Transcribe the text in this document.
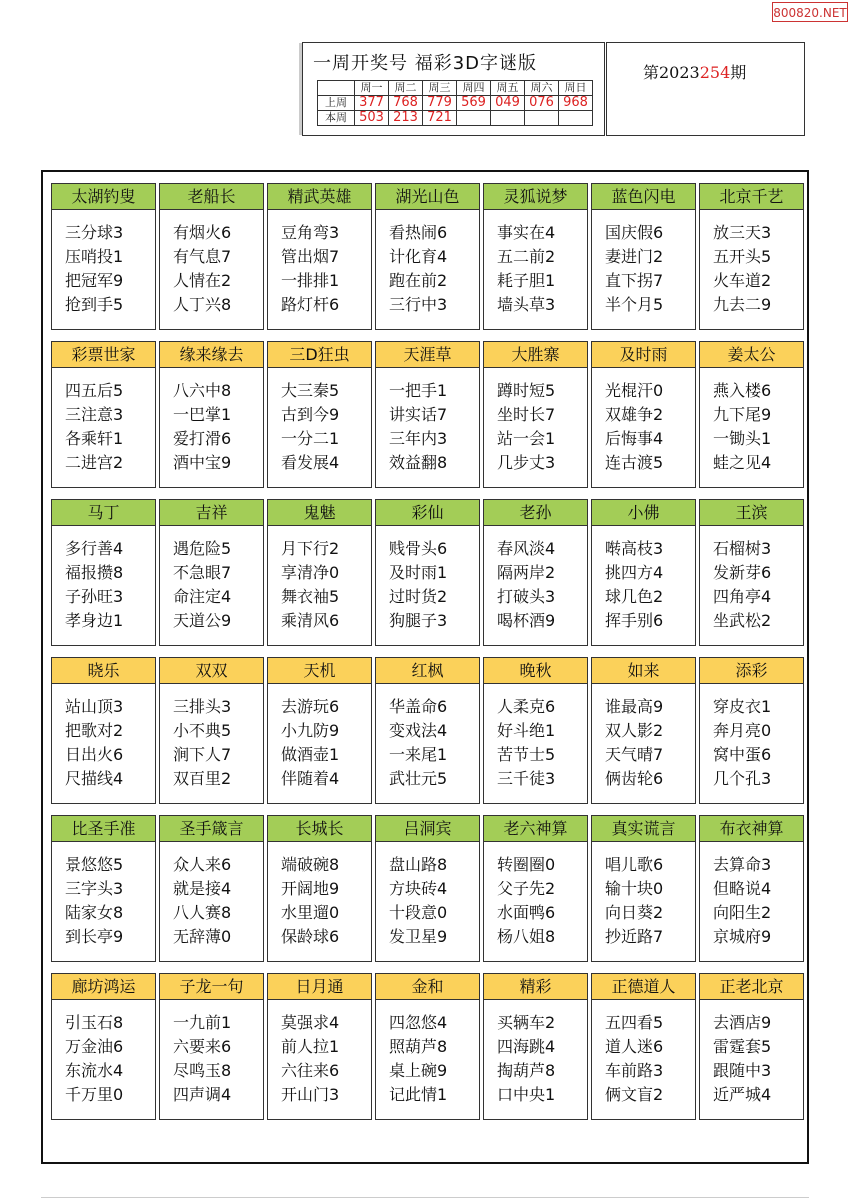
800820.NET
一周开奖号 福彩3D字谜版
	周一	周二	周三	周四	周五	周六	周日
上周	377	768	779	569	049	076	968
本周	503	213	721				
第2023254期
太湖钓叟
三分球3
压哨投1
把冠军9
抢到手5
老船长
有烟火6
有气息7
人情在2
人丁兴8
精武英雄
豆角弯3
管出烟7
一排排1
路灯杆6
湖光山色
看热闹6
计化育4
跑在前2
三行中3
灵狐说梦
事实在4
五二前2
耗子胆1
墙头草3
蓝色闪电
国庆假6
妻进门2
直下拐7
半个月5
北京千艺
放三天3
五开头5
火车道2
九去二9
彩票世家
四五后5
三注意3
各乘轩1
二进宫2
缘来缘去
八六中8
一巴掌1
爱打滑6
酒中宝9
三D狂虫
大三秦5
古到今9
一分二1
看发展4
天涯草
一把手1
讲实话7
三年内3
效益翻8
大胜寨
蹲时短5
坐时长7
站一会1
几步丈3
及时雨
光棍汗0
双雄争2
后悔事4
连古渡5
姜太公
燕入楼6
九下尾9
一锄头1
蛙之见4
马丁
多行善4
福报攒8
子孙旺3
孝身边1
吉祥
遇危险5
不急眼7
命注定4
天道公9
鬼魅
月下行2
享清净0
舞衣袖5
乘清风6
彩仙
贱骨头6
及时雨1
过时货2
狗腿子3
老孙
春风淡4
隔两岸2
打破头3
喝杯酒9
小佛
啭高枝3
挑四方4
球几色2
挥手别6
王滨
石榴树3
发新芽6
四角亭4
坐武松2
晓乐
站山顶3
把歌对2
日出火6
尺描线4
双双
三排头3
小不典5
涧下人7
双百里2
天机
去游玩6
小九防9
做酒壶1
伴随着4
红枫
华盖命6
变戏法4
一来尾1
武壮元5
晚秋
人柔克6
好斗绝1
苦节士5
三千徒3
如来
谁最高9
双人影2
天气晴7
俩齿轮6
添彩
穿皮衣1
奔月亮0
窝中蛋6
几个孔3
比圣手准
景悠悠5
三字头3
陆家女8
到长亭9
圣手箴言
众人来6
就是接4
八人赛8
无辞薄0
长城长
端破碗8
开阔地9
水里遛0
保龄球6
吕洞宾
盘山路8
方块砖4
十段意0
发卫星9
老六神算
转圈圈0
父子先2
水面鸭6
杨八姐8
真实谎言
唱儿歌6
输十块0
向日葵2
抄近路7
布衣神算
去算命3
但略说4
向阳生2
京城府9
廊坊鸿运
引玉石8
万金油6
东流水4
千万里0
子龙一句
一九前1
六要来6
尽鸣玉8
四声调4
日月通
莫强求4
前人拉1
六往来6
开山门3
金和
四忽悠4
照葫芦8
桌上碗9
记此情1
精彩
买辆车2
四海跳4
掏葫芦8
口中央1
正德道人
五四看5
道人迷6
车前路3
俩文盲2
正老北京
去酒店9
雷霆套5
跟随中3
近严城4
